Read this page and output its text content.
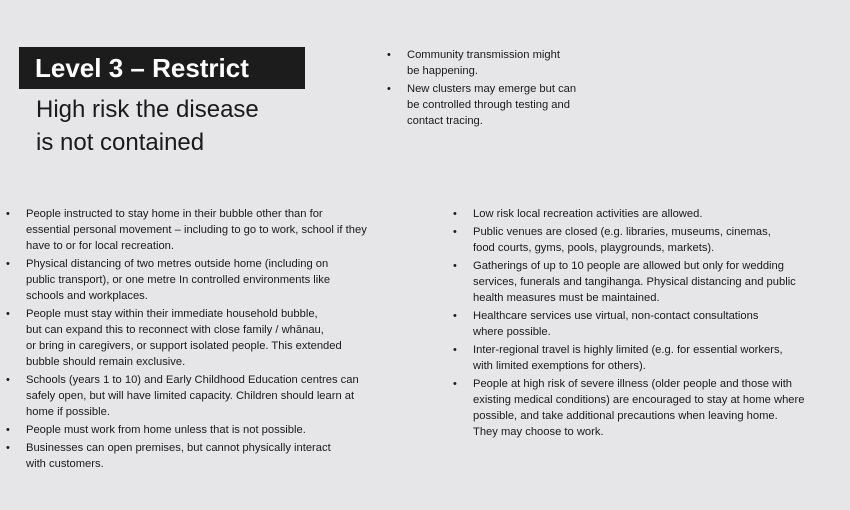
Level 3 – Restrict
High risk the disease
is not contained
• Community transmission might
be happening.
• New clusters may emerge but can
be controlled through testing and
contact tracing.
• People instructed to stay home in their bubble other than for
essential personal movement – including to go to work, school if they
have to or for local recreation.
• Physical distancing of two metres outside home (including on
public transport), or one metre In controlled environments like
schools and workplaces.
• People must stay within their immediate household bubble,
but can expand this to reconnect with close family / whānau,
or bring in caregivers, or support isolated people. This extended
bubble should remain exclusive.
• Schools (years 1 to 10) and Early Childhood Education centres can
safely open, but will have limited capacity. Children should learn at
home if possible.
• People must work from home unless that is not possible.
• Businesses can open premises, but cannot physically interact
with customers.
• Low risk local recreation activities are allowed.
• Public venues are closed (e.g. libraries, museums, cinemas,
food courts, gyms, pools, playgrounds, markets).
• Gatherings of up to 10 people are allowed but only for wedding
services, funerals and tangihanga. Physical distancing and public
health measures must be maintained.
• Healthcare services use virtual, non-contact consultations
where possible.
• Inter-regional travel is highly limited (e.g. for essential workers,
with limited exemptions for others).
• People at high risk of severe illness (older people and those with
existing medical conditions) are encouraged to stay at home where
possible, and take additional precautions when leaving home.
They may choose to work.
